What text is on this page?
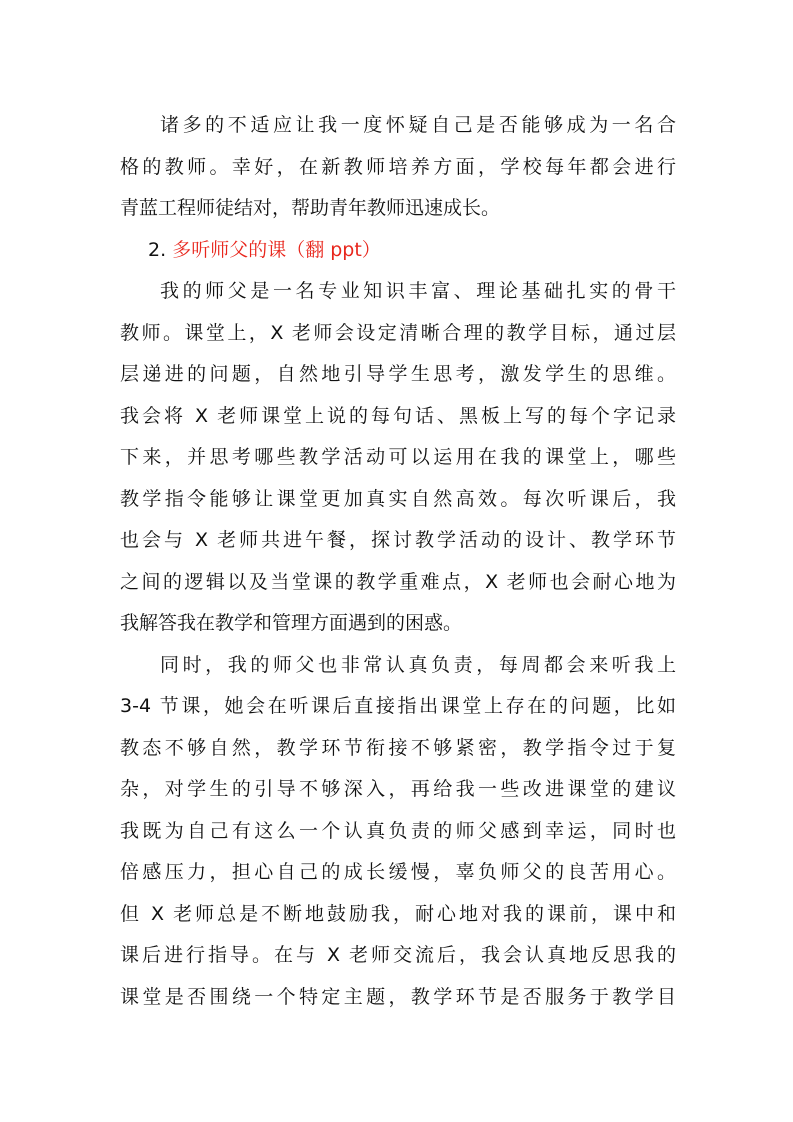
诸多的不适应让我一度怀疑自己是否能够成为一名合
格的教师。幸好，在新教师培养方面，学校每年都会进行
青蓝工程师徒结对，帮助青年教师迅速成长。
2. 多听师父的课（翻 ppt）
我的师父是一名专业知识丰富、理论基础扎实的骨干
教师。课堂上，X 老师会设定清晰合理的教学目标，通过层
层递进的问题，自然地引导学生思考，激发学生的思维。
我会将 X 老师课堂上说的每句话、黑板上写的每个字记录
下来，并思考哪些教学活动可以运用在我的课堂上，哪些
教学指令能够让课堂更加真实自然高效。每次听课后，我
也会与 X 老师共进午餐，探讨教学活动的设计、教学环节
之间的逻辑以及当堂课的教学重难点，X 老师也会耐心地为
我解答我在教学和管理方面遇到的困惑。
同时，我的师父也非常认真负责，每周都会来听我上
3-4 节课，她会在听课后直接指出课堂上存在的问题，比如
教态不够自然，教学环节衔接不够紧密，教学指令过于复
杂，对学生的引导不够深入，再给我一些改进课堂的建议
我既为自己有这么一个认真负责的师父感到幸运，同时也
倍感压力，担心自己的成长缓慢，辜负师父的良苦用心。
但 X 老师总是不断地鼓励我，耐心地对我的课前，课中和
课后进行指导。在与 X 老师交流后，我会认真地反思我的
课堂是否围绕一个特定主题，教学环节是否服务于教学目
